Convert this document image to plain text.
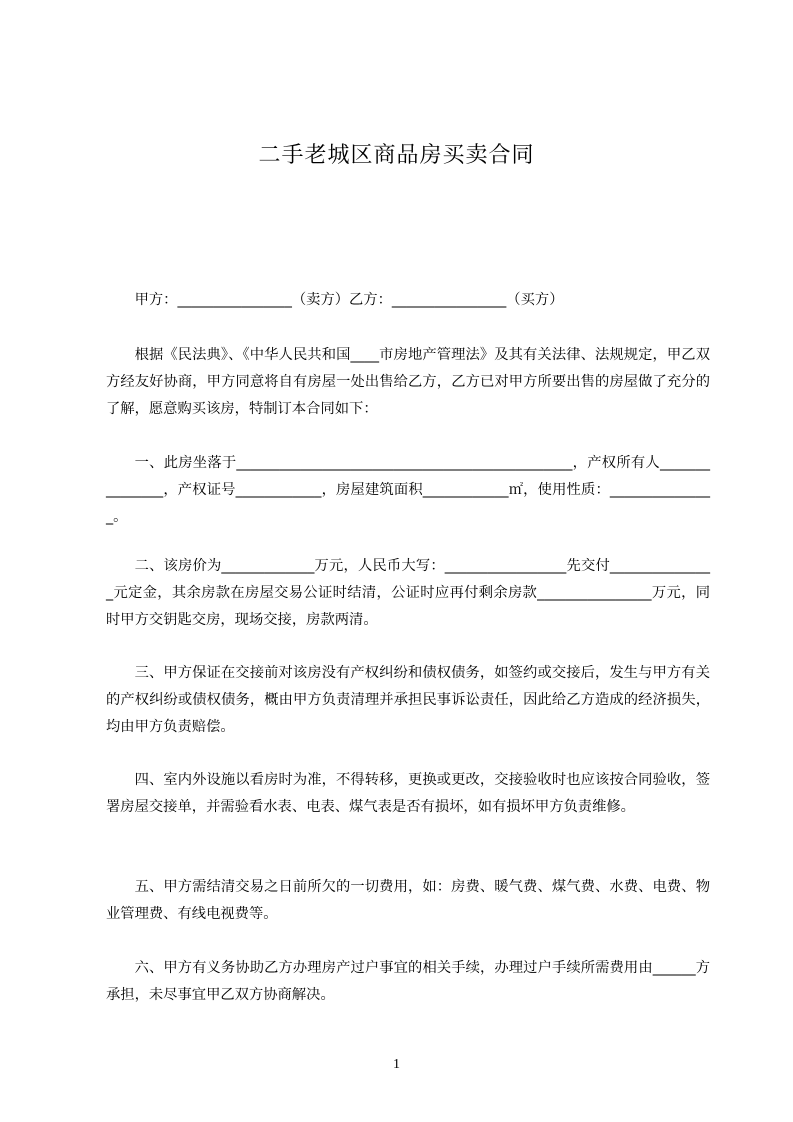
二手老城区商品房买卖合同
甲方：________________（卖方）乙方：________________（买方）
根据《民法典》、《中华人民共和国____市房地产管理法》及其有关法律、法规规定，甲乙双方经友好协商，甲方同意将自有房屋一处出售给乙方，乙方已对甲方所要出售的房屋做了充分的了解，愿意购买该房，特制订本合同如下：
一、此房坐落于_______________________________________________，产权所有人_______________，产权证号____________，房屋建筑面积____________㎡，使用性质：_______________。
二、该房价为_____________万元，人民币大写：_________________先交付_______________元定金，其余房款在房屋交易公证时结清，公证时应再付剩余房款________________万元，同时甲方交钥匙交房，现场交接，房款两清。
三、甲方保证在交接前对该房没有产权纠纷和债权债务，如签约或交接后，发生与甲方有关的产权纠纷或债权债务，概由甲方负责清理并承担民事诉讼责任，因此给乙方造成的经济损失，均由甲方负责赔偿。
四、室内外设施以看房时为准，不得转移，更换或更改，交接验收时也应该按合同验收，签署房屋交接单，并需验看水表、电表、煤气表是否有损坏，如有损坏甲方负责维修。
五、甲方需结清交易之日前所欠的一切费用，如：房费、暖气费、煤气费、水费、电费、物业管理费、有线电视费等。
六、甲方有义务协助乙方办理房产过户事宜的相关手续，办理过户手续所需费用由______方承担，未尽事宜甲乙双方协商解决。
1
